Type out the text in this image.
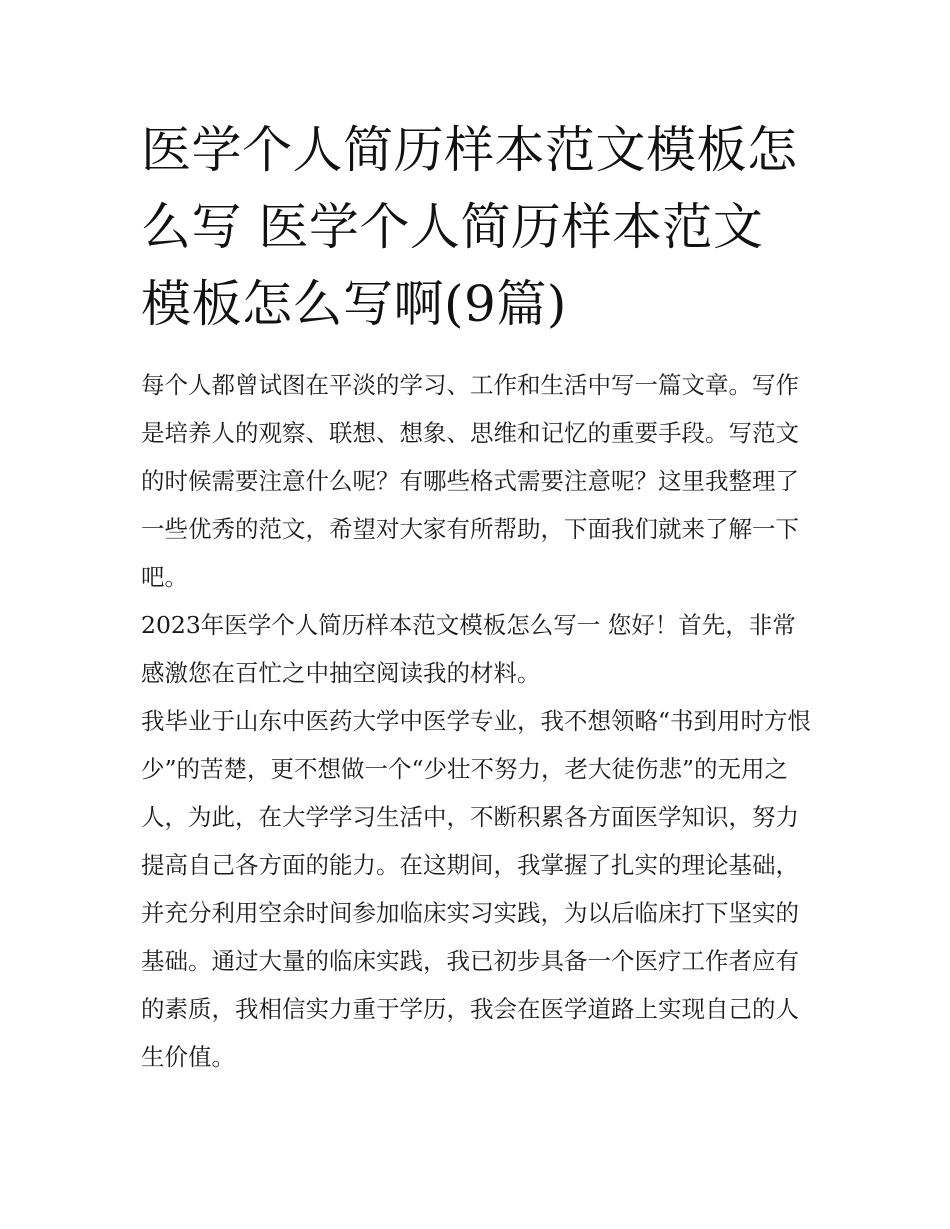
医学个人简历样本范文模板怎么写 医学个人简历样本范文模板怎么写啊(9篇)

每个人都曾试图在平淡的学习、工作和生活中写一篇文章。写作是培养人的观察、联想、想象、思维和记忆的重要手段。写范文的时候需要注意什么呢？有哪些格式需要注意呢？这里我整理了一些优秀的范文，希望对大家有所帮助，下面我们就来了解一下吧。

2023年医学个人简历样本范文模板怎么写一 您好！首先，非常感激您在百忙之中抽空阅读我的材料。

我毕业于山东中医药大学中医学专业，我不想领略“书到用时方恨少”的苦楚，更不想做一个“少壮不努力，老大徒伤悲”的无用之人，为此，在大学学习生活中，不断积累各方面医学知识，努力提高自己各方面的能力。在这期间，我掌握了扎实的理论基础，并充分利用空余时间参加临床实习实践，为以后临床打下坚实的基础。通过大量的临床实践，我已初步具备一个医疗工作者应有的素质，我相信实力重于学历，我会在医学道路上实现自己的人生价值。
